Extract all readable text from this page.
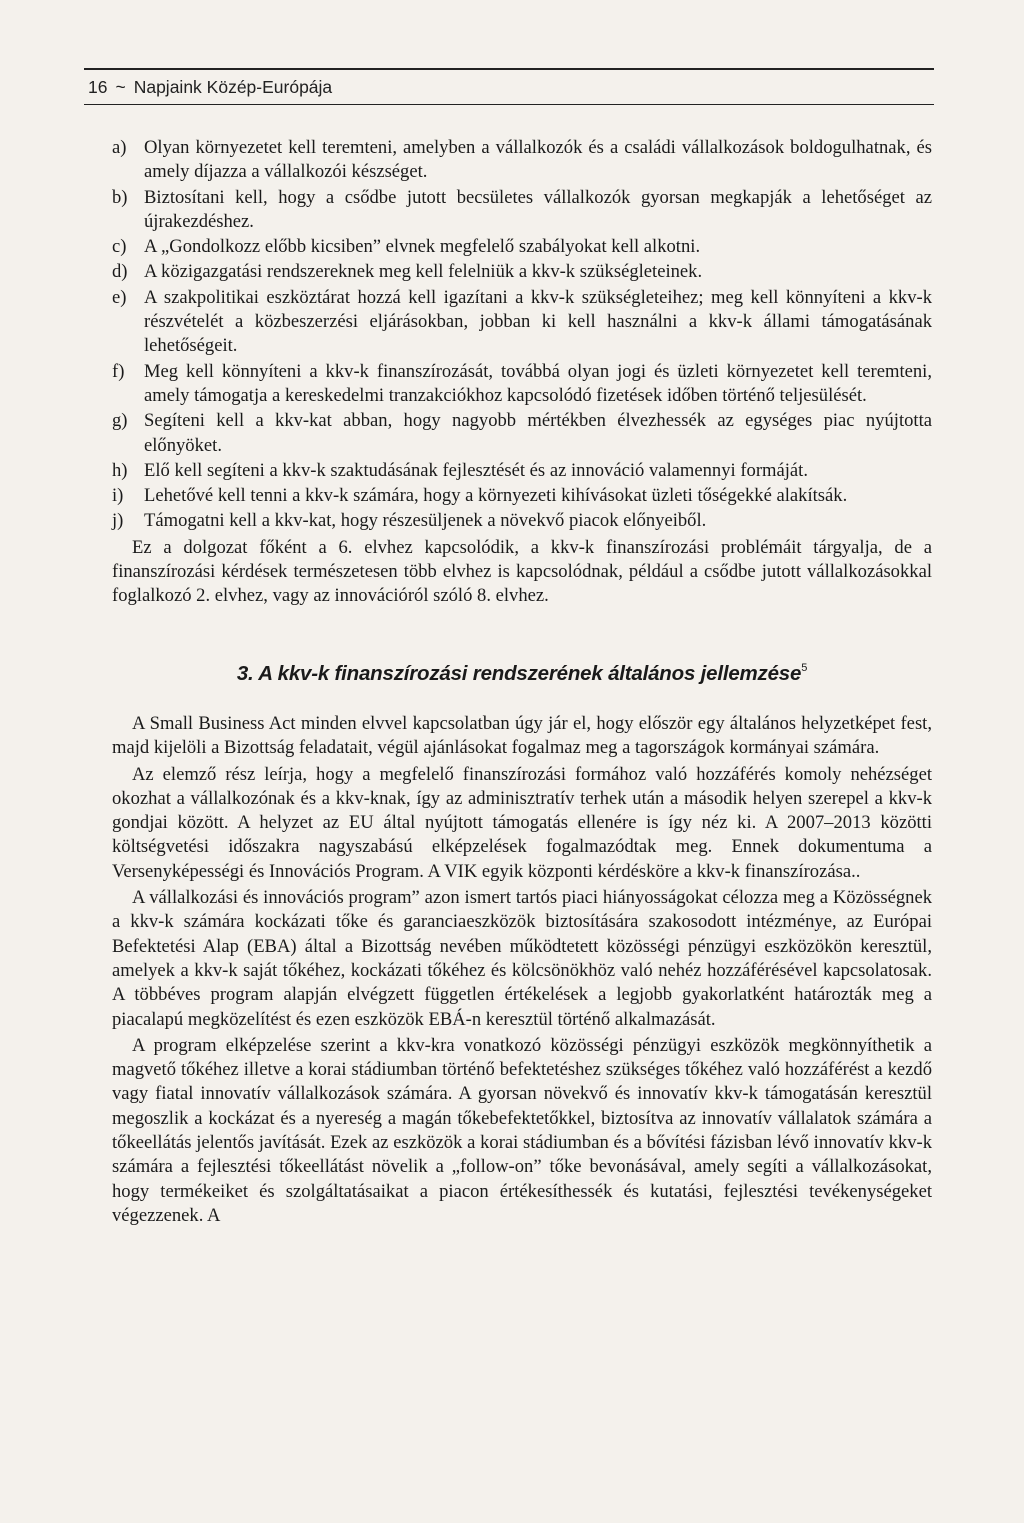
16 ~ Napjaink Közép-Európája
a) Olyan környezetet kell teremteni, amelyben a vállalkozók és a családi vállalkozások boldogulhatnak, és amely díjazza a vállalkozói készséget.
b) Biztosítani kell, hogy a csődbe jutott becsületes vállalkozók gyorsan megkapják a lehetőséget az újrakezdéshez.
c) A „Gondolkozz előbb kicsiben” elvnek megfelelő szabályokat kell alkotni.
d) A közigazgatási rendszereknek meg kell felelniük a kkv-k szükségleteinek.
e) A szakpolitikai eszköztárat hozzá kell igazítani a kkv-k szükségleteihez; meg kell könnyíteni a kkv-k részvételét a közbeszerzési eljárásokban, jobban ki kell használni a kkv-k állami támogatásának lehetőségeit.
f)	Meg kell könnyíteni a kkv-k finanszírozását, továbbá olyan jogi és üzleti környezetet kell teremteni, amely támogatja a kereskedelmi tranzakciókhoz kapcsolódó fizetések időben történő teljesülését.
g) Segíteni kell a kkv-kat abban, hogy nagyobb mértékben élvezhessék az egységes piac nyújtotta előnyöket.
h) Elő kell segíteni a kkv-k szaktudásának fejlesztését és az innováció valamennyi formáját.
i)	Lehetővé kell tenni a kkv-k számára, hogy a környezeti kihívásokat üzleti tőségekké alakítsák.
j)	Támogatni kell a kkv-kat, hogy részesüljenek a növekvő piacok előnyeiből.

Ez a dolgozat főként a 6. elvhez kapcsolódik, a kkv-k finanszírozási problémáit tárgyalja, de a finanszírozási kérdések természetesen több elvhez is kapcsolódnak, például a csődbe jutott vállalkozásokkal foglalkozó 2. elvhez, vagy az innovációról szóló 8. elvhez.

3. A kkv-k finanszírozási rendszerének általános jellemzése$^5$

A Small Business Act minden elvvel kapcsolatban úgy jár el, hogy először egy általános helyzetképet fest, majd kijelöli a Bizottság feladatait, végül ajánlásokat fogalmaz meg a tagországok kormányai számára.

Az elemző rész leírja, hogy a megfelelő finanszírozási formához való hozzáférés komoly nehézséget okozhat a vállalkozónak és a kkv-knak, így az adminisztratív terhek után a második helyen szerepel a kkv-k gondjai között. A helyzet az EU által nyújtott támogatás ellenére is így néz ki. A 2007–2013 közötti költségvetési időszakra nagyszabású elképzelések fogalmazódtak meg. Ennek dokumentuma a Versenyképességi és Innovációs Program. A VIK egyik központi kérdésköre a kkv-k finanszírozása..

A vállalkozási és innovációs program” azon ismert tartós piaci hiányosságokat célozza meg a Közösségnek a kkv-k számára kockázati tőke és garanciaeszközök biztosítására szakosodott intézménye, az Európai Befektetési Alap (EBA) által a Bizottság nevében működtetett közösségi pénzügyi eszközökön keresztül, amelyek a kkv-k saját tőkéhez, kockázati tőkéhez és kölcsönökhöz való nehéz hozzáférésével kapcsolatosak. A többéves program alapján elvégzett független értékelések a legjobb gyakorlatként határozták meg a piacalapú megközelítést és ezen eszközök EBÁ-n keresztül történő alkalmazását.

A program elképzelése szerint a kkv-kra vonatkozó közösségi pénzügyi eszközök megkönnyíthetik a magvető tőkéhez illetve a korai stádiumban történő befektetéshez szükséges tőkéhez való hozzáférést a kezdő vagy fiatal innovatív vállalkozások számára. A gyorsan növekvő és innovatív kkv-k támogatásán keresztül megoszlik a kockázat és a nyereség a magán tőkebefektetőkkel, biztosítva az innovatív vállalatok számára a tőkeellátás jelentős javítását. Ezek az eszközök a korai stádiumban és a bővítési fázisban lévő innovatív kkv-k számára a fejlesztési tőkeellátást növelik a „follow-on” tőke bevonásával, amely segíti a vállalkozásokat, hogy termékeiket és szolgáltatásaikat a piacon értékesíthessék és kutatási, fejlesztési tevékenységeket végezzenek. A
